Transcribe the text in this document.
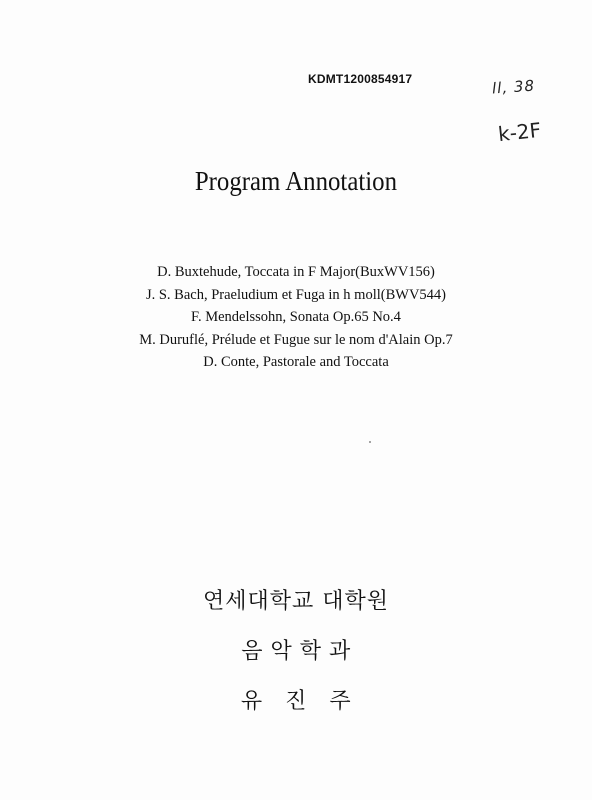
KDMT1200854917	ll, 38
k-2F
Program Annotation
D. Buxtehude, Toccata in F Major(BuxWV156)
J. S. Bach, Praeludium et Fuga in h moll(BWV544)
F. Mendelssohn, Sonata Op.65 No.4
M. Duruflé, Prélude et Fugue sur le nom d'Alain Op.7
D. Conte, Pastorale and Toccata
연세대학교 대학원
음 악 학 과
유   진   주
